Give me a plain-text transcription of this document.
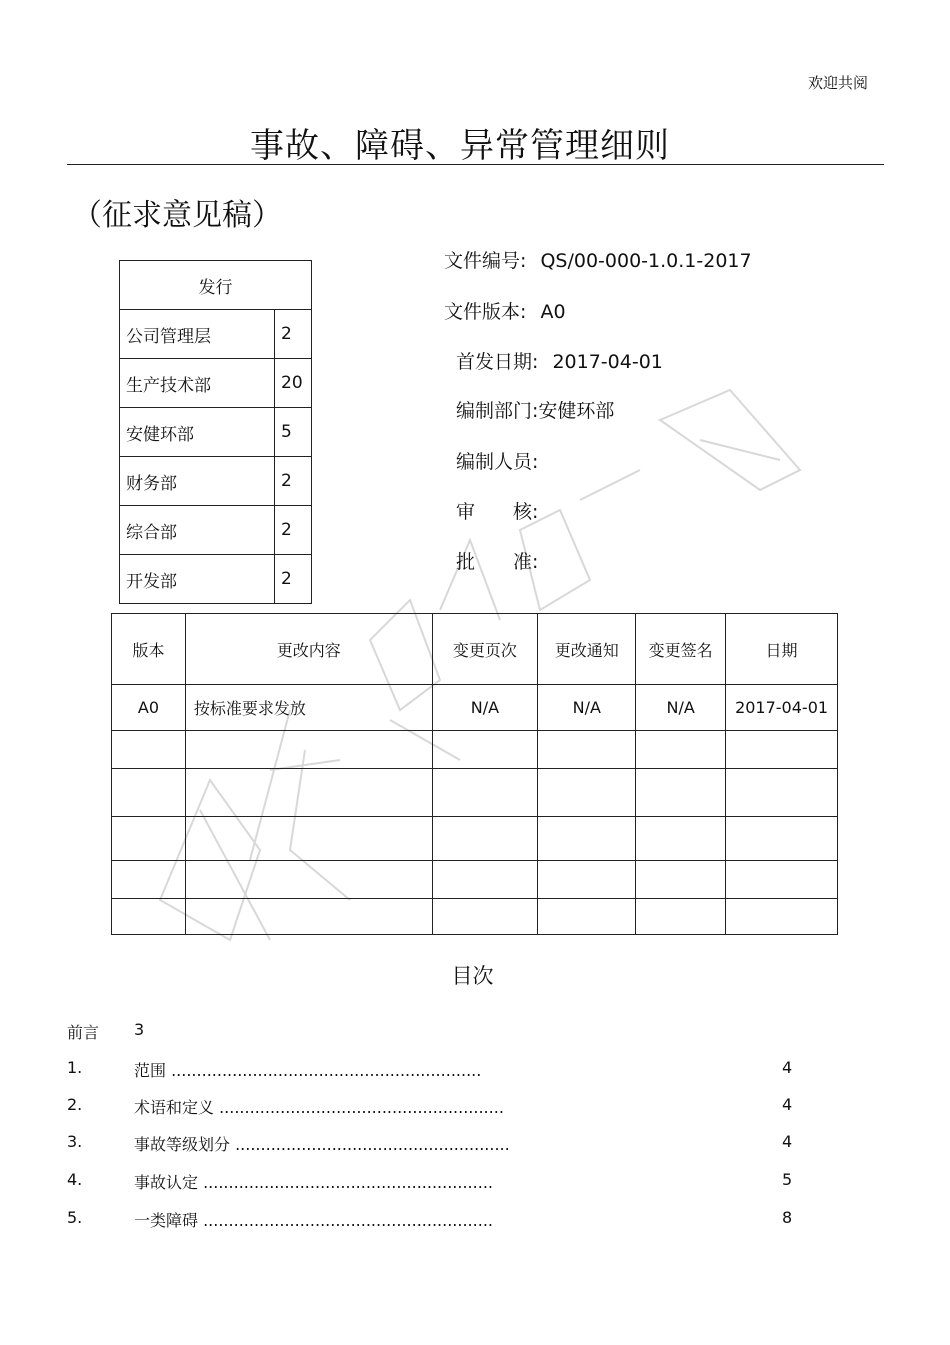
欢迎共阅
事故、障碍、异常管理细则
（征求意见稿）
发行	
公司管理层	2
生产技术部	20
安健环部	5
财务部	2
综合部	2
开发部	2
文件编号: QS/00-000-1.0.1-2017
文件版本: A0
首发日期: 2017-04-01
编制部门:安健环部
编制人员:
审　　核:
批　　准:
版本	更改内容	变更页次	更改通知	变更签名	日期
A0	按标准要求发放	N/A	N/A	N/A	2017-04-01

目次
前言 3
1.	范围 .............................................................	4
2.	术语和定义 ........................................................	4
3.	事故等级划分 ......................................................	4
4.	事故认定 .........................................................	5
5.	一类障碍 .........................................................	8
